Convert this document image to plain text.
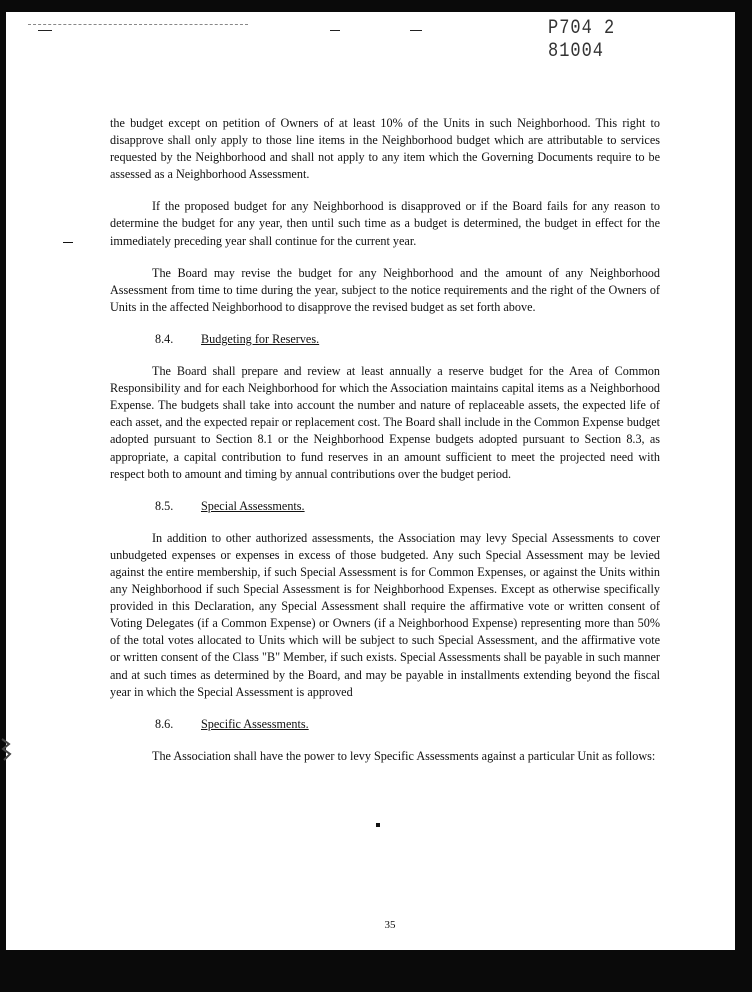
P704 2 81004

the budget except on petition of Owners of at least 10% of the Units in such Neighborhood. This right to disapprove shall only apply to those line items in the Neighborhood budget which are attributable to services requested by the Neighborhood and shall not apply to any item which the Governing Documents require to be assessed as a Neighborhood Assessment.

If the proposed budget for any Neighborhood is disapproved or if the Board fails for any reason to determine the budget for any year, then until such time as a budget is determined, the budget in effect for the immediately preceding year shall continue for the current year.

The Board may revise the budget for any Neighborhood and the amount of any Neighborhood Assessment from time to time during the year, subject to the notice requirements and the right of the Owners of Units in the affected Neighborhood to disapprove the revised budget as set forth above.

8.4. Budgeting for Reserves.

The Board shall prepare and review at least annually a reserve budget for the Area of Common Responsibility and for each Neighborhood for which the Association maintains capital items as a Neighborhood Expense. The budgets shall take into account the number and nature of replaceable assets, the expected life of each asset, and the expected repair or replacement cost. The Board shall include in the Common Expense budget adopted pursuant to Section 8.1 or the Neighborhood Expense budgets adopted pursuant to Section 8.3, as appropriate, a capital contribution to fund reserves in an amount sufficient to meet the projected need with respect both to amount and timing by annual contributions over the budget period.

8.5. Special Assessments.

In addition to other authorized assessments, the Association may levy Special Assessments to cover unbudgeted expenses or expenses in excess of those budgeted. Any such Special Assessment may be levied against the entire membership, if such Special Assessment is for Common Expenses, or against the Units within any Neighborhood if such Special Assessment is for Neighborhood Expenses. Except as otherwise specifically provided in this Declaration, any Special Assessment shall require the affirmative vote or written consent of Voting Delegates (if a Common Expense) or Owners (if a Neighborhood Expense) representing more than 50% of the total votes allocated to Units which will be subject to such Special Assessment, and the affirmative vote or written consent of the Class "B" Member, if such exists. Special Assessments shall be payable in such manner and at such times as determined by the Board, and may be payable in installments extending beyond the fiscal year in which the Special Assessment is approved

8.6. Specific Assessments.

The Association shall have the power to levy Specific Assessments against a particular Unit as follows:

35
